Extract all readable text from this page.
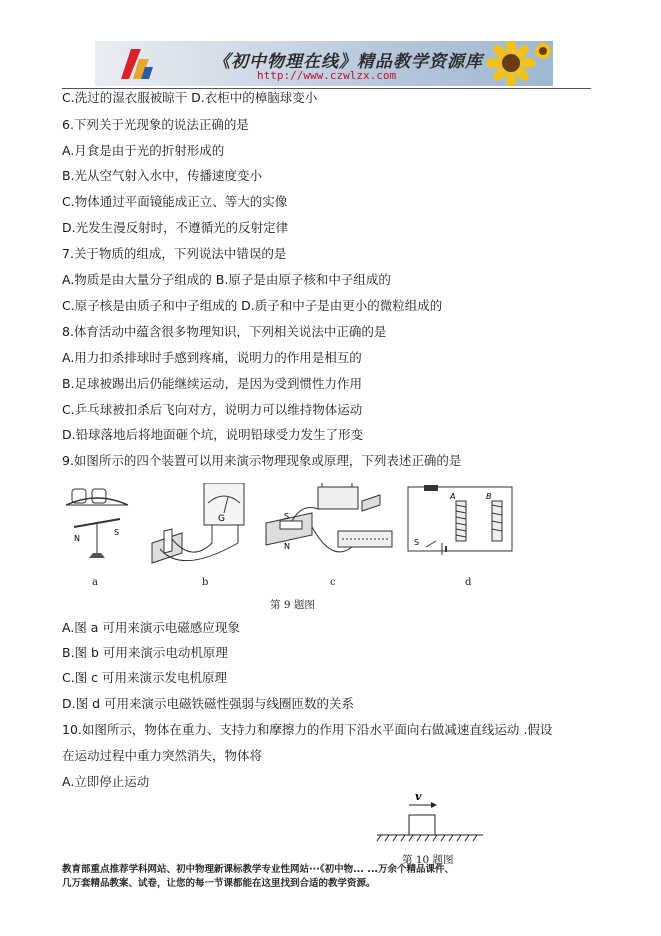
《初中物理在线》精品教学资源库
http://www.czwlzx.com
C.洗过的湿衣服被晾干 D.衣柜中的樟脑球变小
6.下列关于光现象的说法正确的是
A.月食是由于光的折射形成的
B.光从空气射入水中，传播速度变小
C.物体通过平面镜能成正立、等大的实像
D.光发生漫反射时，不遵循光的反射定律
7.关于物质的组成，下列说法中错误的是
A.物质是由大量分子组成的 B.原子是由原子核和中子组成的
C.原子核是由质子和中子组成的 D.质子和中子是由更小的微粒组成的
8.体育活动中蕴含很多物理知识，下列相关说法中正确的是
A.用力扣杀排球时手感到疼痛，说明力的作用是相互的
B.足球被踢出后仍能继续运动，是因为受到惯性力作用
C.乒乓球被扣杀后飞向对方，说明力可以维持物体运动
D.铅球落地后将地面砸个坑，说明铅球受力发生了形变
9.如图所示的四个装置可以用来演示物理现象或原理，下列表述正确的是
N
S
a
G
b
S
N
c
A	B
S
d
第 9 题图
A.图 a 可用来演示电磁感应现象
B.图 b 可用来演示电动机原理
C.图 c 可用来演示发电机原理
D.图 d 可用来演示电磁铁磁性强弱与线圈匝数的关系
10.如图所示，物体在重力、支持力和摩擦力的作用下沿水平面向右做减速直线运动 .假设
在运动过程中重力突然消失，物体将
A.立即停止运动
v
第 10 题图
教育部重点推荐学科网站、初中物理新课标教学专业性网站···《初中物... ...万余个精品课件、
几万套精品教案、试卷，让您的每一节课都能在这里找到合适的教学资源。
